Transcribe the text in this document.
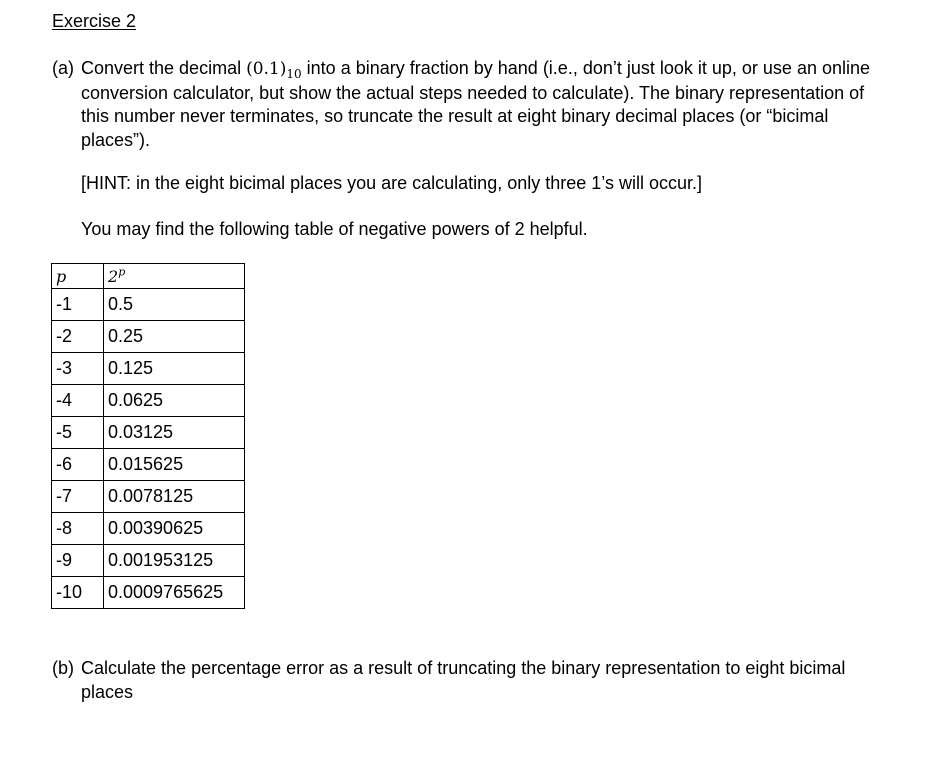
Exercise 2
(a) Convert the decimal $(0.1)_{10}$ into a binary fraction by hand (i.e., don’t just look it up, or use an online conversion calculator, but show the actual steps needed to calculate). The binary representation of this number never terminates, so truncate the result at eight binary decimal places (or “bicimal places”).
[HINT: in the eight bicimal places you are calculating, only three 1’s will occur.]
You may find the following table of negative powers of 2 helpful.
p	2$^p$
-1	0.5
-2	0.25
-3	0.125
-4	0.0625
-5	0.03125
-6	0.015625
-7	0.0078125
-8	0.00390625
-9	0.001953125
-10	0.0009765625
(b) Calculate the percentage error as a result of truncating the binary representation to eight bicimal places
